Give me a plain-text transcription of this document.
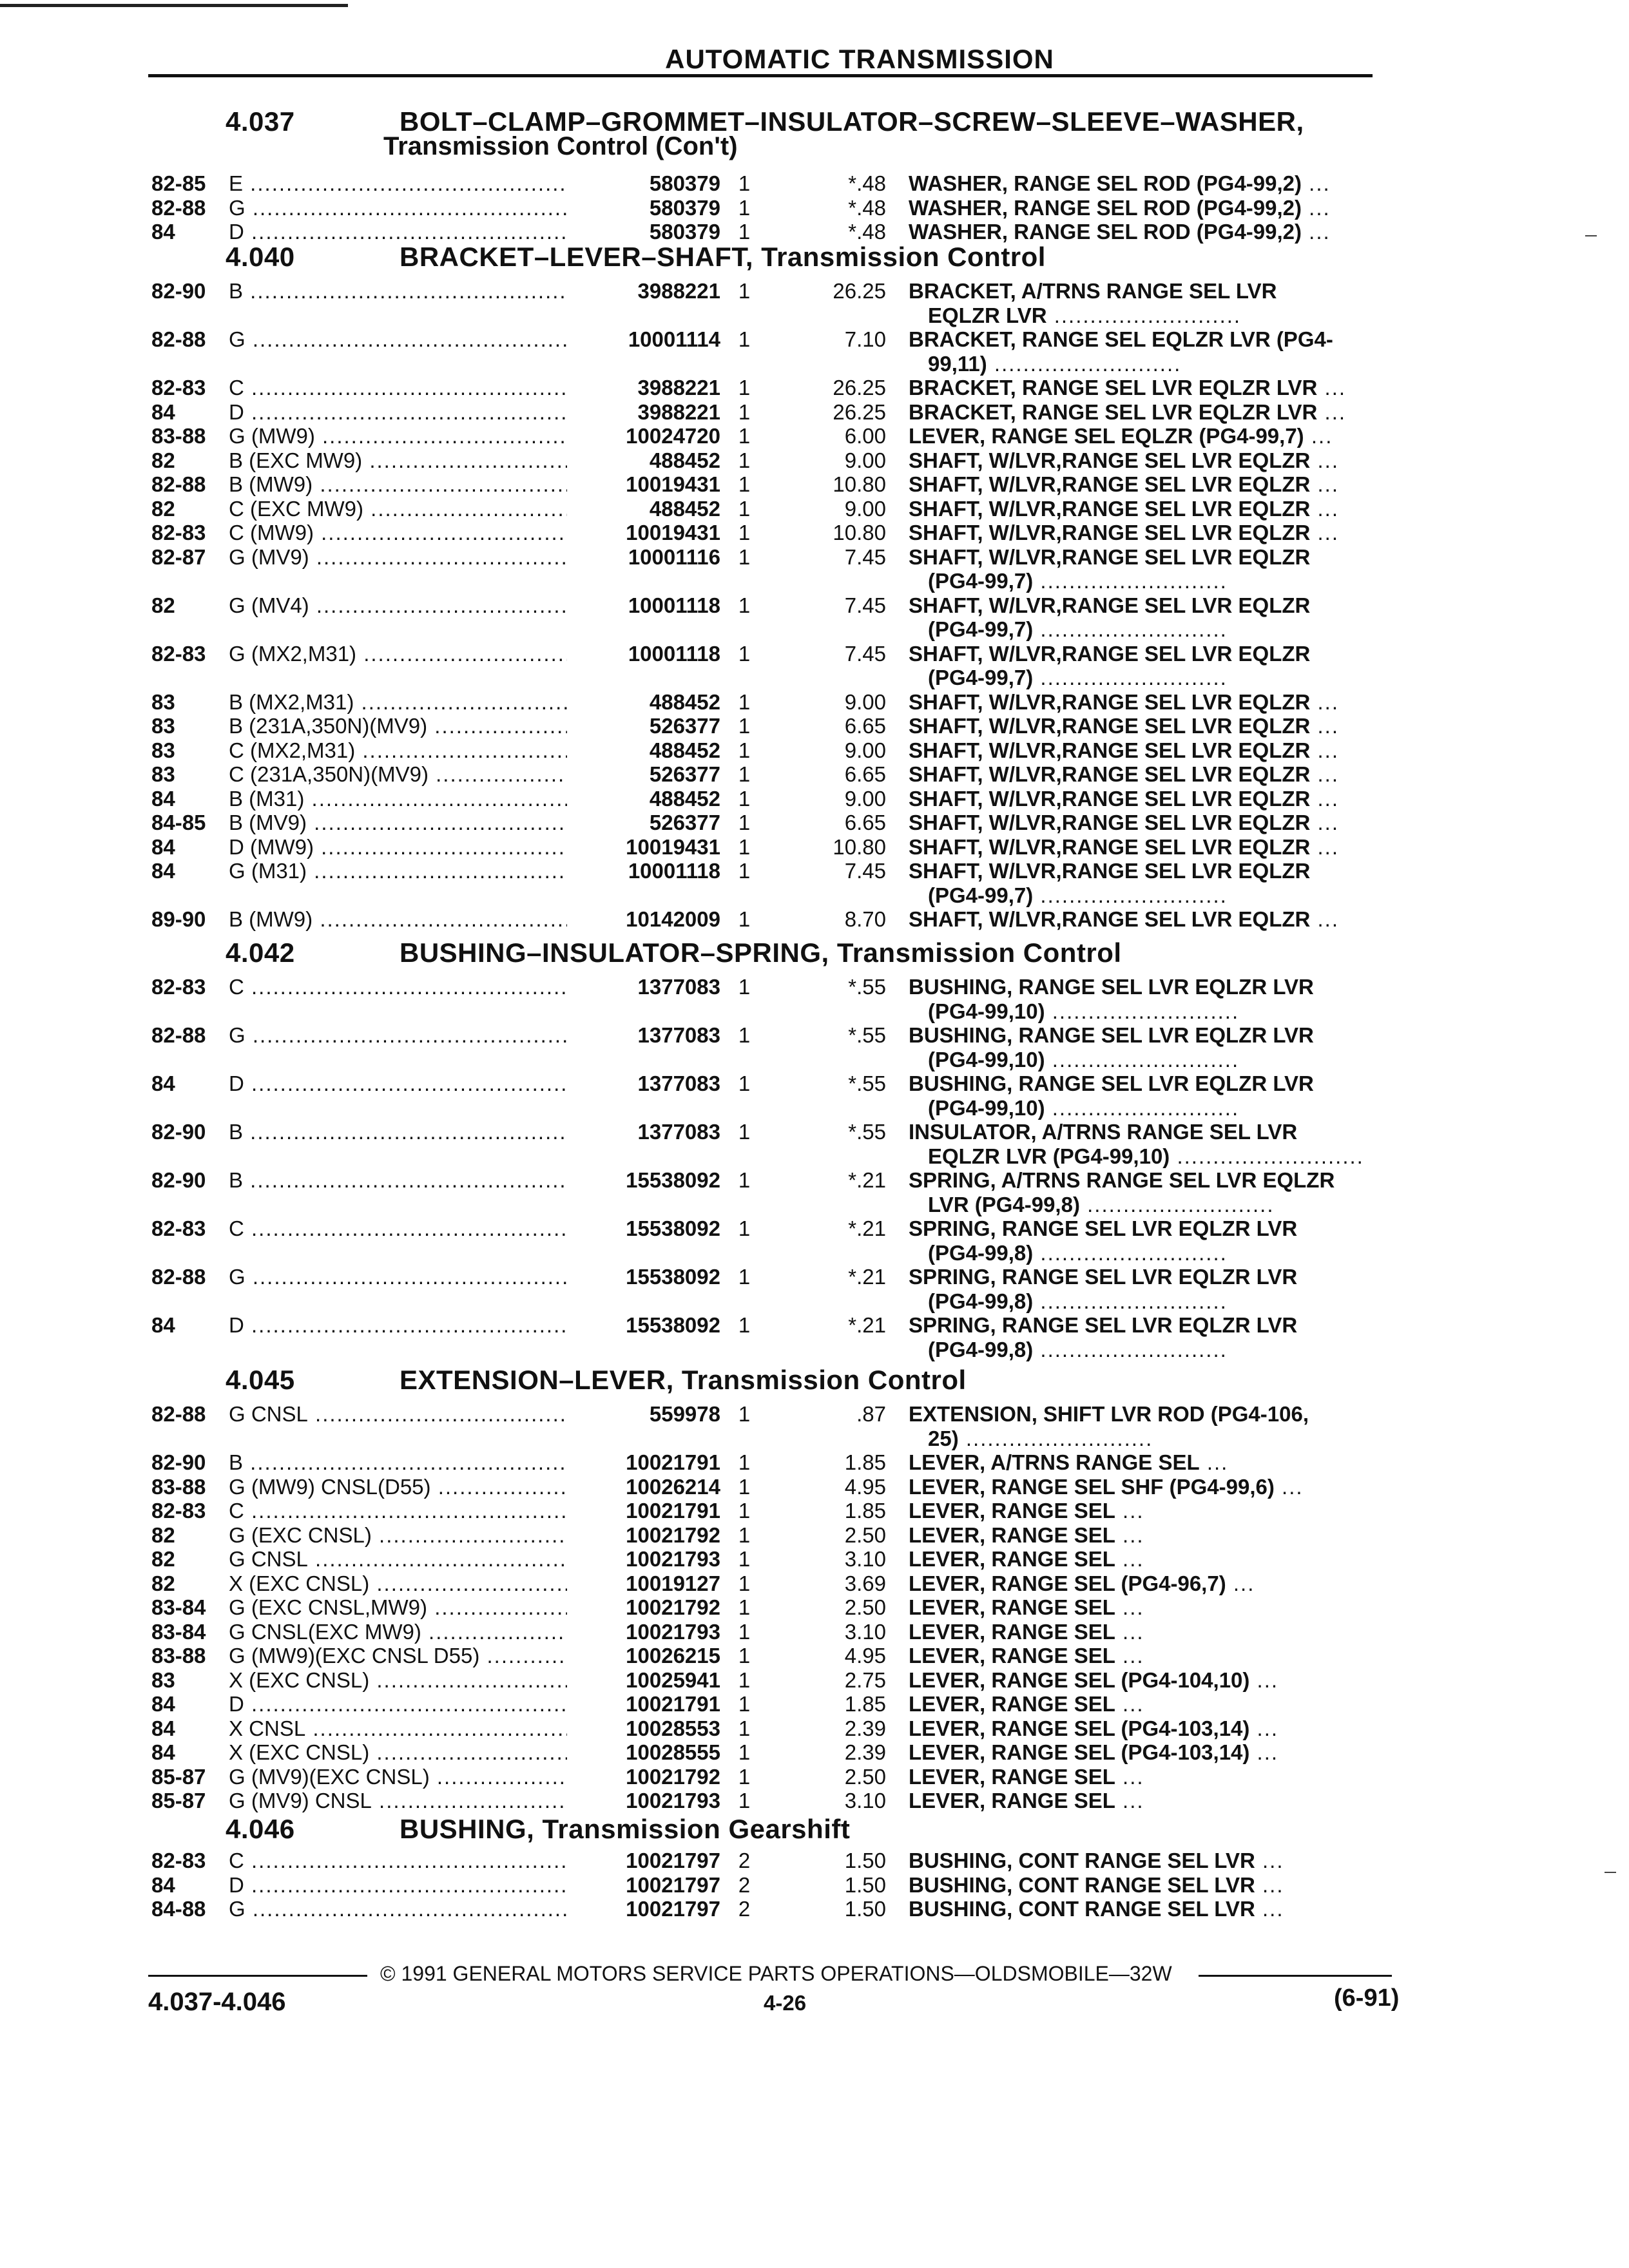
AUTOMATIC TRANSMISSION
4.037	BOLT–CLAMP–GROMMET–INSULATOR–SCREW–SLEEVE–WASHER,
Transmission Control (Con't)
82-85 E .....	580379 1	*.48 WASHER, RANGE SEL ROD (PG4-99,2) ...
82-88 G .....	580379 1	*.48 WASHER, RANGE SEL ROD (PG4-99,2) ...
84	D .....	580379 1	*.48 WASHER, RANGE SEL ROD (PG4-99,2) ...
4.040	BRACKET–LEVER–SHAFT, Transmission Control
82-90 B .....	3988221 1	26.25 BRACKET, A/TRNS RANGE SEL LVR
EQLZR LVR ..........................
82-88 G .....	10001114 1	7.10 BRACKET, RANGE SEL EQLZR LVR (PG4-
99,11) ..........................
82-83 C .....	3988221 1	26.25 BRACKET, RANGE SEL LVR EQLZR LVR ...
84	D .....	3988221 1	26.25 BRACKET, RANGE SEL LVR EQLZR LVR ...
83-88 G (MW9) .....	10024720 1	6.00 LEVER, RANGE SEL EQLZR (PG4-99,7) ...
82	B (EXC MW9) .....	488452 1	9.00 SHAFT, W/LVR,RANGE SEL LVR EQLZR ...
82-88 B (MW9) .....	10019431 1	10.80 SHAFT, W/LVR,RANGE SEL LVR EQLZR ...
82	C (EXC MW9) .....	488452 1	9.00 SHAFT, W/LVR,RANGE SEL LVR EQLZR ...
82-83 C (MW9) .....	10019431 1	10.80 SHAFT, W/LVR,RANGE SEL LVR EQLZR ...
82-87 G (MV9) .....	10001116 1	7.45 SHAFT, W/LVR,RANGE SEL LVR EQLZR
(PG4-99,7) ..........................
82	G (MV4) .....	10001118 1	7.45 SHAFT, W/LVR,RANGE SEL LVR EQLZR
(PG4-99,7) ..........................
82-83 G (MX2,M31) .....	10001118 1	7.45 SHAFT, W/LVR,RANGE SEL LVR EQLZR
(PG4-99,7) ..........................
83	B (MX2,M31) .....	488452 1	9.00 SHAFT, W/LVR,RANGE SEL LVR EQLZR ...
83	B (231A,350N)(MV9) .....	526377 1	6.65 SHAFT, W/LVR,RANGE SEL LVR EQLZR ...
83	C (MX2,M31) .....	488452 1	9.00 SHAFT, W/LVR,RANGE SEL LVR EQLZR ...
83	C (231A,350N)(MV9) .....	526377 1	6.65 SHAFT, W/LVR,RANGE SEL LVR EQLZR ...
84	B (M31) .....	488452 1	9.00 SHAFT, W/LVR,RANGE SEL LVR EQLZR ...
84-85 B (MV9) .....	526377 1	6.65 SHAFT, W/LVR,RANGE SEL LVR EQLZR ...
84	D (MW9) .....	10019431 1	10.80 SHAFT, W/LVR,RANGE SEL LVR EQLZR ...
84	G (M31) .....	10001118 1	7.45 SHAFT, W/LVR,RANGE SEL LVR EQLZR
(PG4-99,7) ..........................
89-90 B (MW9) .....	10142009 1	8.70 SHAFT, W/LVR,RANGE SEL LVR EQLZR ...
4.042	BUSHING–INSULATOR–SPRING, Transmission Control
82-83 C .....	1377083 1	*.55 BUSHING, RANGE SEL LVR EQLZR LVR
(PG4-99,10) ..........................
82-88 G .....	1377083 1	*.55 BUSHING, RANGE SEL LVR EQLZR LVR
(PG4-99,10) ..........................
84	D .....	1377083 1	*.55 BUSHING, RANGE SEL LVR EQLZR LVR
(PG4-99,10) ..........................
82-90 B .....	1377083 1	*.55 INSULATOR, A/TRNS RANGE SEL LVR
EQLZR LVR (PG4-99,10) ..........................
82-90 B .....	15538092 1	*.21 SPRING, A/TRNS RANGE SEL LVR EQLZR
LVR (PG4-99,8) ..........................
82-83 C .....	15538092 1	*.21 SPRING, RANGE SEL LVR EQLZR LVR
(PG4-99,8) ..........................
82-88 G .....	15538092 1	*.21 SPRING, RANGE SEL LVR EQLZR LVR
(PG4-99,8) ..........................
84	D .....	15538092 1	*.21 SPRING, RANGE SEL LVR EQLZR LVR
(PG4-99,8) ..........................
4.045	EXTENSION–LEVER, Transmission Control
82-88 G CNSL .....	559978 1	.87 EXTENSION, SHIFT LVR ROD (PG4-106,
25) ..........................
82-90 B .....	10021791 1	1.85 LEVER, A/TRNS RANGE SEL ...
83-88 G (MW9) CNSL(D55) .....	10026214 1	4.95 LEVER, RANGE SEL SHF (PG4-99,6) ...
82-83 C .....	10021791 1	1.85 LEVER, RANGE SEL ...
82	G (EXC CNSL) .....	10021792 1	2.50 LEVER, RANGE SEL ...
82	G CNSL .....	10021793 1	3.10 LEVER, RANGE SEL ...
82	X (EXC CNSL) .....	10019127 1	3.69 LEVER, RANGE SEL (PG4-96,7) ...
83-84 G (EXC CNSL,MW9) .....	10021792 1	2.50 LEVER, RANGE SEL ...
83-84 G CNSL(EXC MW9) .....	10021793 1	3.10 LEVER, RANGE SEL ...
83-88 G (MW9)(EXC CNSL D55) .....	10026215 1	4.95 LEVER, RANGE SEL ...
83	X (EXC CNSL) .....	10025941 1	2.75 LEVER, RANGE SEL (PG4-104,10) ...
84	D .....	10021791 1	1.85 LEVER, RANGE SEL ...
84	X CNSL .....	10028553 1	2.39 LEVER, RANGE SEL (PG4-103,14) ...
84	X (EXC CNSL) .....	10028555 1	2.39 LEVER, RANGE SEL (PG4-103,14) ...
85-87 G (MV9)(EXC CNSL) .....	10021792 1	2.50 LEVER, RANGE SEL ...
85-87 G (MV9) CNSL .....	10021793 1	3.10 LEVER, RANGE SEL ...
4.046	BUSHING, Transmission Gearshift
82-83 C .....	10021797 2	1.50 BUSHING, CONT RANGE SEL LVR ...
84	D .....	10021797 2	1.50 BUSHING, CONT RANGE SEL LVR ...
84-88 G .....	10021797 2	1.50 BUSHING, CONT RANGE SEL LVR ...
© 1991 GENERAL MOTORS SERVICE PARTS OPERATIONS—OLDSMOBILE—32W
4.037-4.046	4-26	(6-91)
